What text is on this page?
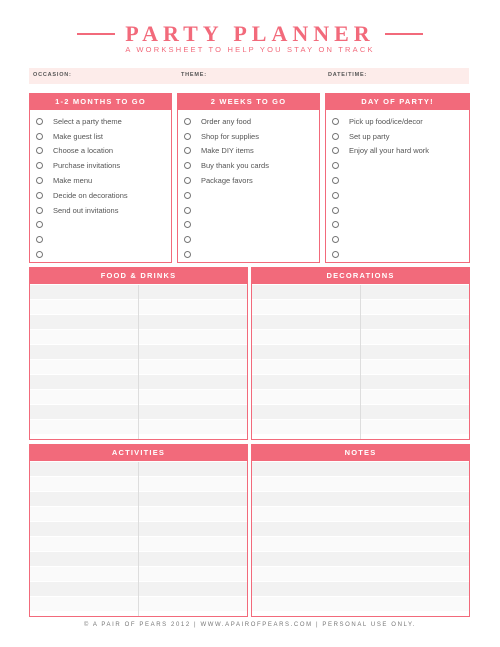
PARTY PLANNER
A WORKSHEET TO HELP YOU STAY ON TRACK
OCCASION:	THEME:	DATE/TIME:
1-2 MONTHS TO GO
Select a party theme
Make guest list
Choose a location
Purchase invitations
Make menu
Decide on decorations
Send out invitations
2 WEEKS TO GO
Order any food
Shop for supplies
Make DIY items
Buy thank you cards
Package favors
DAY OF PARTY!
Pick up food/ice/decor
Set up party
Enjoy all your hard work
FOOD & DRINKS	DECORATIONS
ACTIVITIES	NOTES
© A PAIR OF PEARS 2012 | WWW.APAIROFPEARS.COM | PERSONAL USE ONLY.
